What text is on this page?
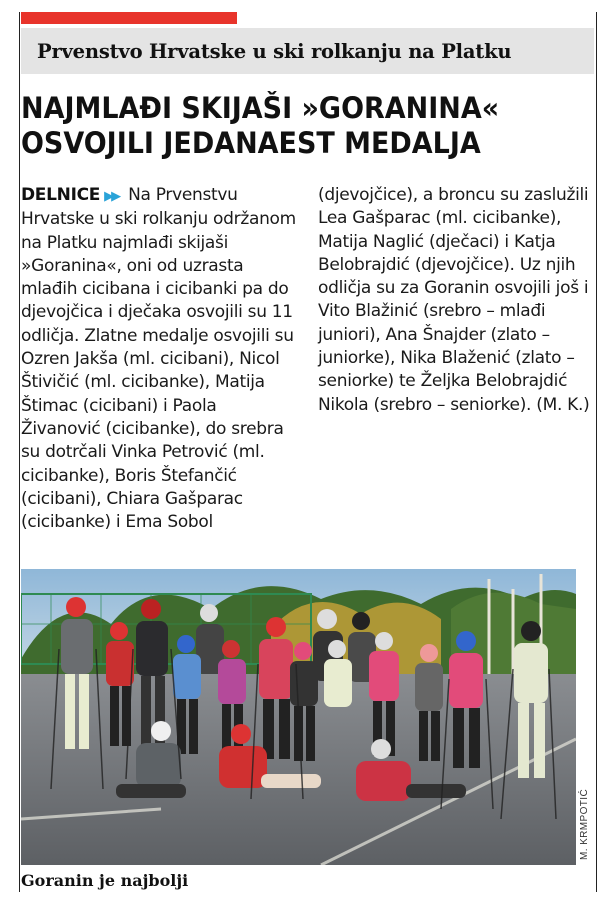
Prvenstvo Hrvatske u ski rolkanju na Platku
NAJMLAĐI SKIJAŠI »GORANINA«
OSVOJILI JEDANAEST MEDALJA
DELNICE ▶▶ Na Prvenstvu Hrvatske u ski rolkanju održanom na Platku najmlađi skijaši »Goranina«, oni od uzrasta mlađih cicibana i cicibanki pa do djevojčica i dječaka osvojili su 11 odličja. Zlatne medalje osvojili su Ozren Jakša (ml. cicibani), Nicol Štivičić (ml. cicibanke), Matija Štimac (cicibani) i Paola Živanović (cicibanke), do srebra su dotrčali Vinka Petrović (ml. cicibanke), Boris Štefančić (cicibani), Chiara Gašparac (cicibanke) i Ema Sobol (djevojčice), a broncu su zaslužili Lea Gašparac (ml. cicibanke), Matija Naglić (dječaci) i Katja Belobrajdić (djevojčice). Uz njih odličja su za Goranin osvojili još i Vito Blažinić (srebro – mlađi juniori), Ana Šnajder (zlato – juniorke), Nika Blaženić (zlato – seniorke) te Željka Belobrajdić Nikola (srebro – seniorke). (M. K.)
M. KRMPOTIĆ
Goranin je najbolji
